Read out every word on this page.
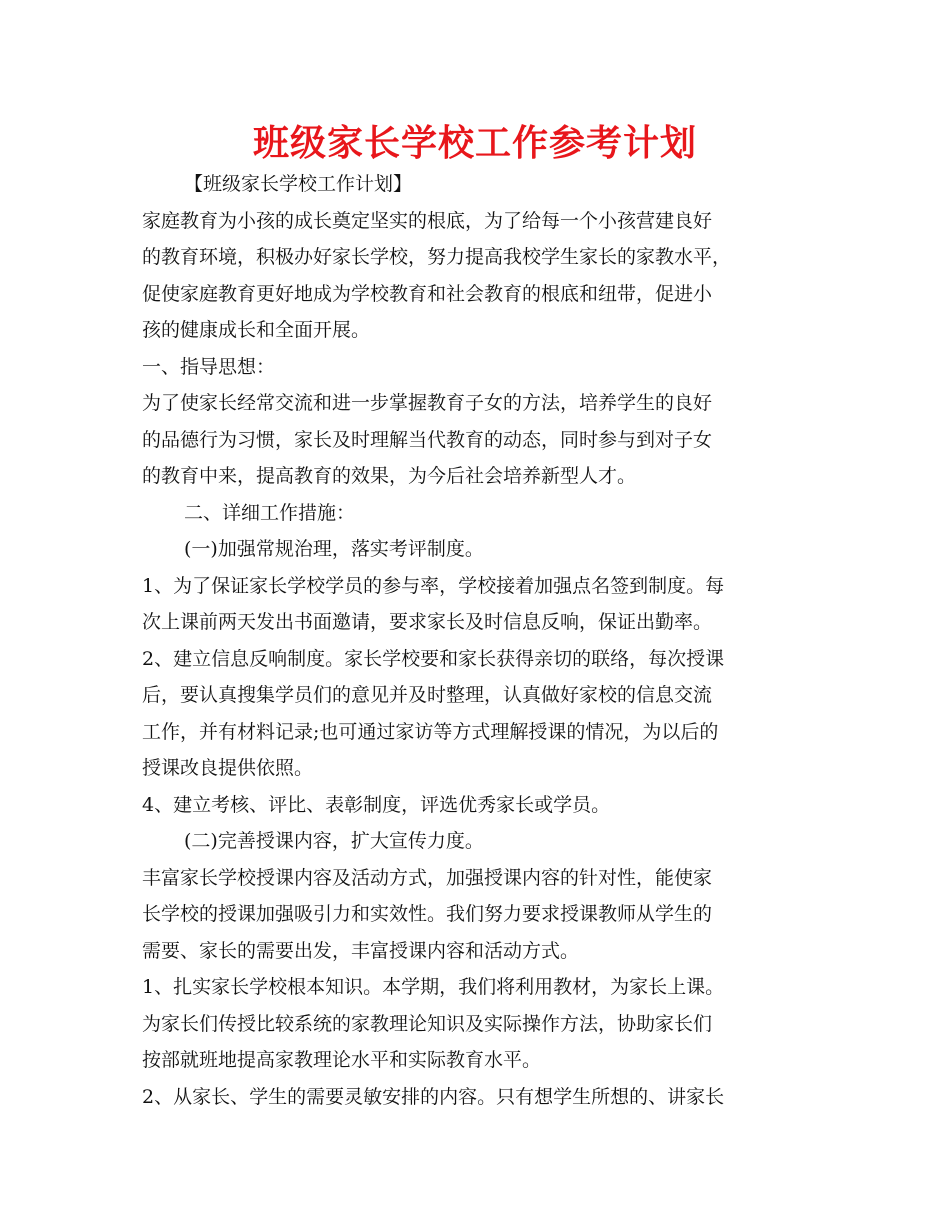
班级家长学校工作参考计划
【班级家长学校工作计划】
家庭教育为小孩的成长奠定坚实的根底，为了给每一个小孩营建良好
的教育环境，积极办好家长学校，努力提高我校学生家长的家教水平，
促使家庭教育更好地成为学校教育和社会教育的根底和纽带，促进小
孩的健康成长和全面开展。
一、指导思想：
为了使家长经常交流和进一步掌握教育子女的方法，培养学生的良好
的品德行为习惯，家长及时理解当代教育的动态，同时参与到对子女
的教育中来，提高教育的效果，为今后社会培养新型人才。
二、详细工作措施：
(一)加强常规治理，落实考评制度。
1、为了保证家长学校学员的参与率，学校接着加强点名签到制度。每
次上课前两天发出书面邀请，要求家长及时信息反响，保证出勤率。
2、建立信息反响制度。家长学校要和家长获得亲切的联络，每次授课
后，要认真搜集学员们的意见并及时整理，认真做好家校的信息交流
工作，并有材料记录;也可通过家访等方式理解授课的情况，为以后的
授课改良提供依照。
4、建立考核、评比、表彰制度，评选优秀家长或学员。
(二)完善授课内容，扩大宣传力度。
丰富家长学校授课内容及活动方式，加强授课内容的针对性，能使家
长学校的授课加强吸引力和实效性。我们努力要求授课教师从学生的
需要、家长的需要出发，丰富授课内容和活动方式。
1、扎实家长学校根本知识。本学期，我们将利用教材，为家长上课。
为家长们传授比较系统的家教理论知识及实际操作方法，协助家长们
按部就班地提高家教理论水平和实际教育水平。
2、从家长、学生的需要灵敏安排的内容。只有想学生所想的、讲家长
